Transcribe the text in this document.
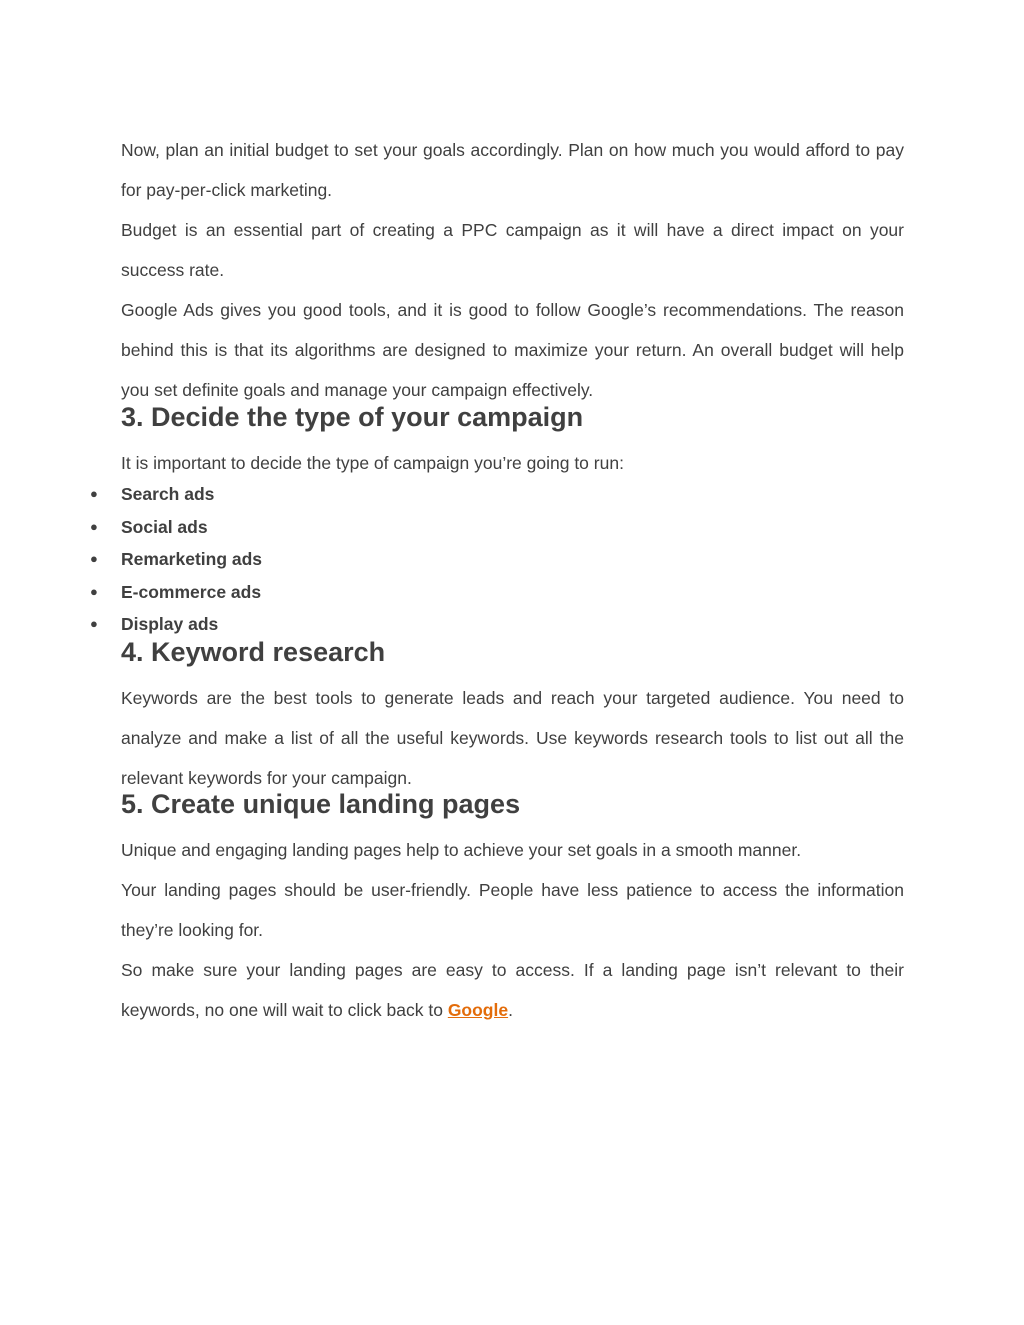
Now, plan an initial budget to set your goals accordingly. Plan on how much you would afford to pay for pay-per-click marketing.

Budget is an essential part of creating a PPC campaign as it will have a direct impact on your success rate.

Google Ads gives you good tools, and it is good to follow Google’s recommendations. The reason behind this is that its algorithms are designed to maximize your return. An overall budget will help you set definite goals and manage your campaign effectively.

3. Decide the type of your campaign

It is important to decide the type of campaign you’re going to run:

● Search ads
● Social ads
● Remarketing ads
● E-commerce ads
● Display ads
4. Keyword research

Keywords are the best tools to generate leads and reach your targeted audience. You need to analyze and make a list of all the useful keywords. Use keywords research tools to list out all the relevant keywords for your campaign.

5. Create unique landing pages

Unique and engaging landing pages help to achieve your set goals in a smooth manner.

Your landing pages should be user-friendly. People have less patience to access the information they’re looking for.

So make sure your landing pages are easy to access. If a landing page isn’t relevant to their keywords, no one will wait to click back to Google.
